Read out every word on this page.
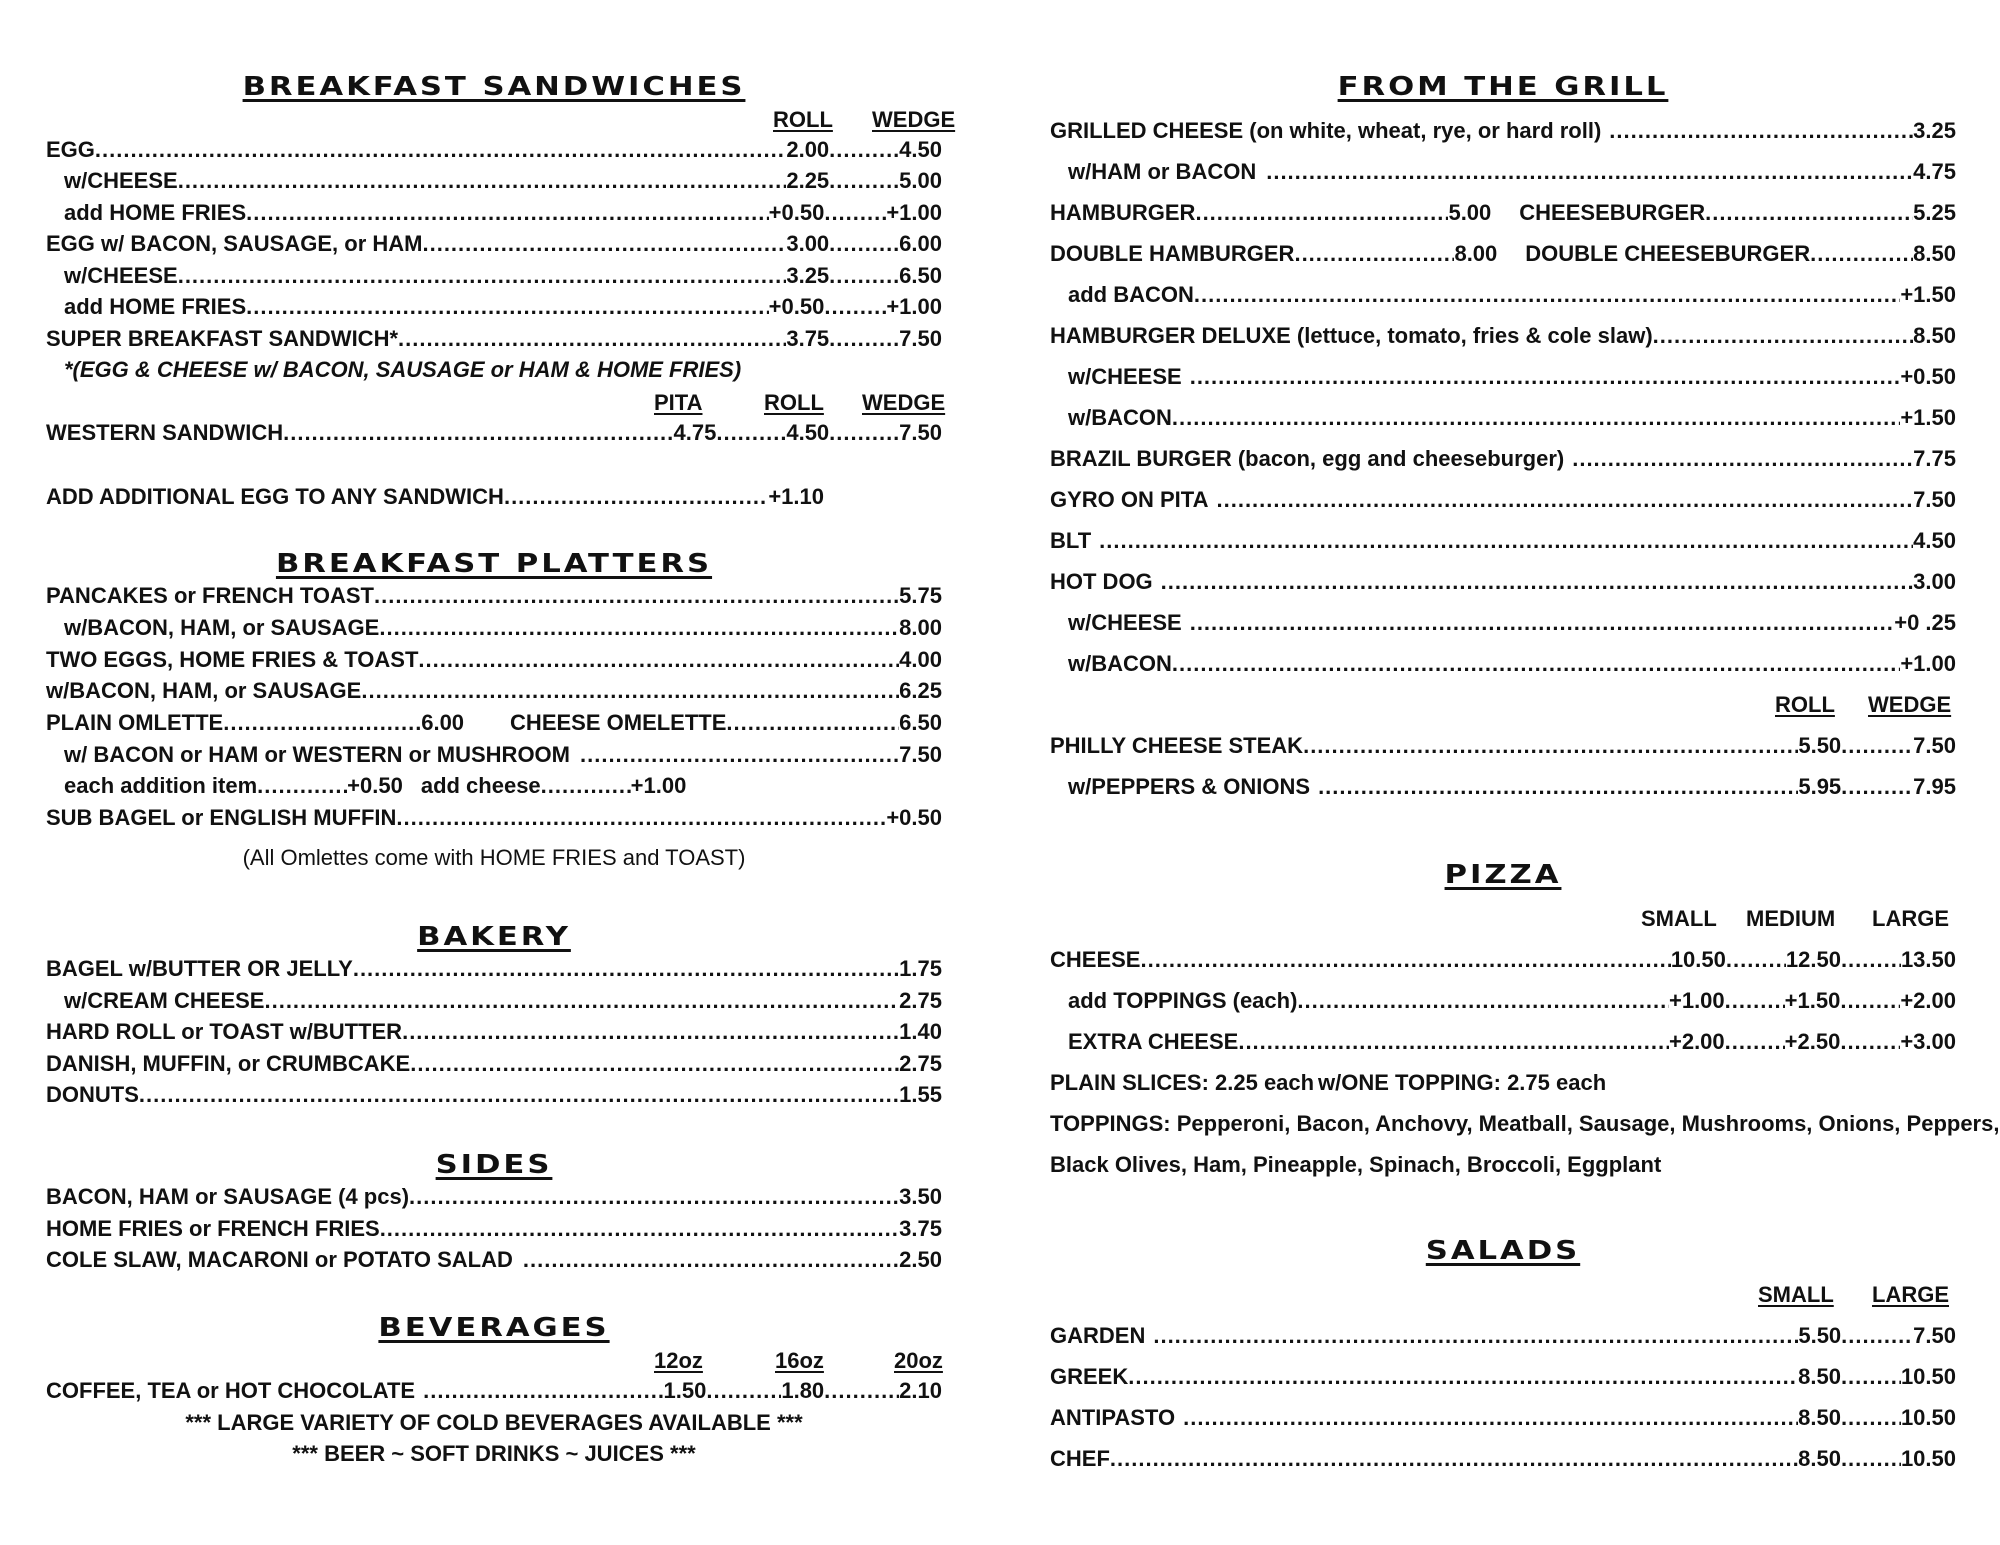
BREAKFAST SANDWICHES
ROLL WEDGE
EGG .....	2.00 .....	4.50
w/CHEESE .....	2.25 .....	5.00
add HOME FRIES .....	+0.50 .....	+1.00
EGG w/ BACON, SAUSAGE, or HAM .....	3.00 .....	6.00
w/CHEESE .....	3.25 .....	6.50
add HOME FRIES .....	+0.50 .....	+1.00
SUPER BREAKFAST SANDWICH* .....	3.75 .....	7.50
*(EGG & CHEESE w/ BACON, SAUSAGE or HAM & HOME FRIES)
PITA	ROLL WEDGE
WESTERN SANDWICH .....	4.75 .....	4.50 .....	7.50
ADD ADDITIONAL EGG TO ANY SANDWICH .....	+1.10
BREAKFAST PLATTERS
PANCAKES or FRENCH TOAST .....	5.75
w/BACON, HAM, or SAUSAGE .....	8.00
TWO EGGS, HOME FRIES & TOAST .....	4.00
w/BACON, HAM, or SAUSAGE .....	6.25
PLAIN OMLETTE .....	6.00 CHEESE OMELETTE .....	6.50
w/ BACON or HAM or WESTERN or MUSHROOM .....	7.50
each addition item .....	+0.50 add cheese .....	+1.00
SUB BAGEL or ENGLISH MUFFIN .....	+0.50
(All Omlettes come with HOME FRIES and TOAST)
BAKERY
BAGEL w/BUTTER OR JELLY .....	1.75
w/CREAM CHEESE .....	2.75
HARD ROLL or TOAST w/BUTTER .....	1.40
DANISH, MUFFIN, or CRUMBCAKE .....	2.75
DONUTS .....	1.55
SIDES
BACON, HAM or SAUSAGE (4 pcs) .....	3.50
HOME FRIES or FRENCH FRIES .....	3.75
COLE SLAW, MACARONI or POTATO SALAD .....	2.50
BEVERAGES
12oz	16oz	20oz
COFFEE, TEA or HOT CHOCOLATE .....	1.50 .....	1.80 .....	2.10
*** LARGE VARIETY OF COLD BEVERAGES AVAILABLE ***
*** BEER ~ SOFT DRINKS ~ JUICES ***
FROM THE GRILL
GRILLED CHEESE (on white, wheat, rye, or hard roll) .....	3.25
w/HAM or BACON .....	4.75
HAMBURGER .....	5.00 CHEESEBURGER .....	5.25
DOUBLE HAMBURGER .....	8.00 DOUBLE CHEESEBURGER .....	8.50
add BACON .....	+1.50
HAMBURGER DELUXE (lettuce, tomato, fries & cole slaw) .....	8.50
w/CHEESE .....	+0.50
w/BACON .....	+1.50
BRAZIL BURGER (bacon, egg and cheeseburger) .....	7.75
GYRO ON PITA .....	7.50
BLT .....	4.50
HOT DOG .....	3.00
w/CHEESE .....	+0 .25
w/BACON .....	+1.00
ROLL WEDGE
PHILLY CHEESE STEAK .....	5.50 .....	7.50
w/PEPPERS & ONIONS .....	5.95 .....	7.95
PIZZA
SMALL MEDIUM LARGE
CHEESE .....	10.50 .....	12.50 .....	13.50
add TOPPINGS (each) .....	+1.00 .....	+1.50 .....	+2.00
EXTRA CHEESE .....	+2.00 .....	+2.50 .....	+3.00
PLAIN SLICES: 2.25 each w/ONE TOPPING: 2.75 each
TOPPINGS: Pepperoni, Bacon, Anchovy, Meatball, Sausage, Mushrooms, Onions, Peppers,
Black Olives, Ham, Pineapple, Spinach, Broccoli, Eggplant
SALADS
SMALL LARGE
GARDEN .....	5.50 .....	7.50
GREEK .....	8.50 .....	10.50
ANTIPASTO .....	8.50 .....	10.50
CHEF .....	8.50 .....	10.50
